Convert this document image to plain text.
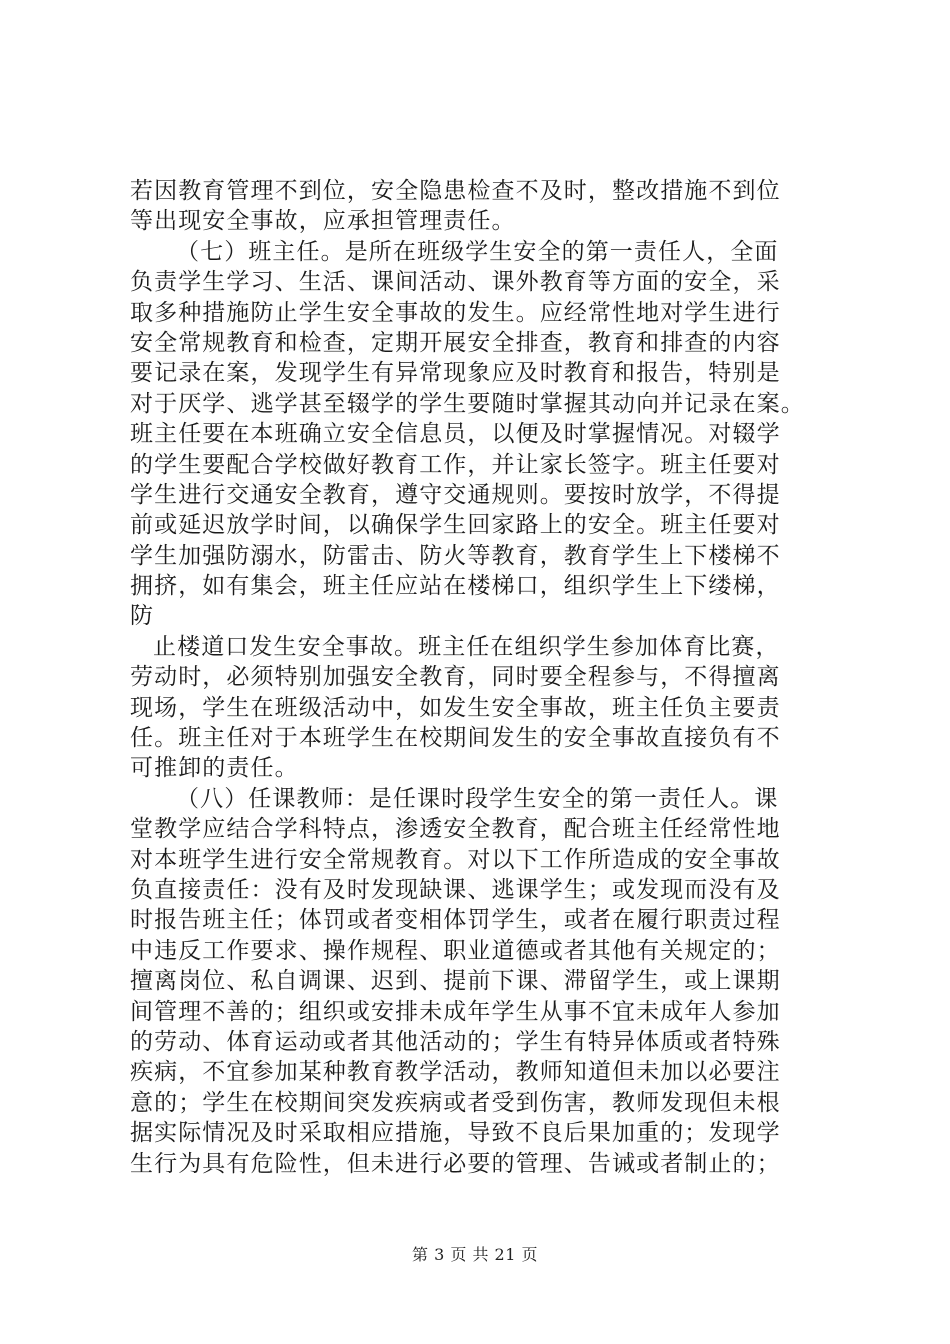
若因教育管理不到位，安全隐患检查不及时，整改措施不到位
等出现安全事故，应承担管理责任。
（七）班主任。是所在班级学生安全的第一责任人，全面
负责学生学习、生活、课间活动、课外教育等方面的安全，采
取多种措施防止学生安全事故的发生。应经常性地对学生进行
安全常规教育和检查，定期开展安全排查，教育和排查的内容
要记录在案，发现学生有异常现象应及时教育和报告，特别是
对于厌学、逃学甚至辍学的学生要随时掌握其动向并记录在案。
班主任要在本班确立安全信息员，以便及时掌握情况。对辍学
的学生要配合学校做好教育工作，并让家长签字。班主任要对
学生进行交通安全教育，遵守交通规则。要按时放学，不得提
前或延迟放学时间，以确保学生回家路上的安全。班主任要对
学生加强防溺水，防雷击、防火等教育，教育学生上下楼梯不
拥挤，如有集会，班主任应站在楼梯口，组织学生上下缕梯，
防
止楼道口发生安全事故。班主任在组织学生参加体育比赛，
劳动时，必须特别加强安全教育，同时要全程参与，不得擅离
现场，学生在班级活动中，如发生安全事故，班主任负主要责
任。班主任对于本班学生在校期间发生的安全事故直接负有不
可推卸的责任。
（八）任课教师：是任课时段学生安全的第一责任人。课
堂教学应结合学科特点，渗透安全教育，配合班主任经常性地
对本班学生进行安全常规教育。对以下工作所造成的安全事故
负直接责任：没有及时发现缺课、逃课学生；或发现而没有及
时报告班主任；体罚或者变相体罚学生，或者在履行职责过程
中违反工作要求、操作规程、职业道德或者其他有关规定的；
擅离岗位、私自调课、迟到、提前下课、滞留学生，或上课期
间管理不善的；组织或安排未成年学生从事不宜未成年人参加
的劳动、体育运动或者其他活动的；学生有特异体质或者特殊
疾病，不宜参加某种教育教学活动，教师知道但未加以必要注
意的；学生在校期间突发疾病或者受到伤害，教师发现但未根
据实际情况及时采取相应措施，导致不良后果加重的；发现学
生行为具有危险性，但未进行必要的管理、告诫或者制止的；
第 3 页 共 21 页
